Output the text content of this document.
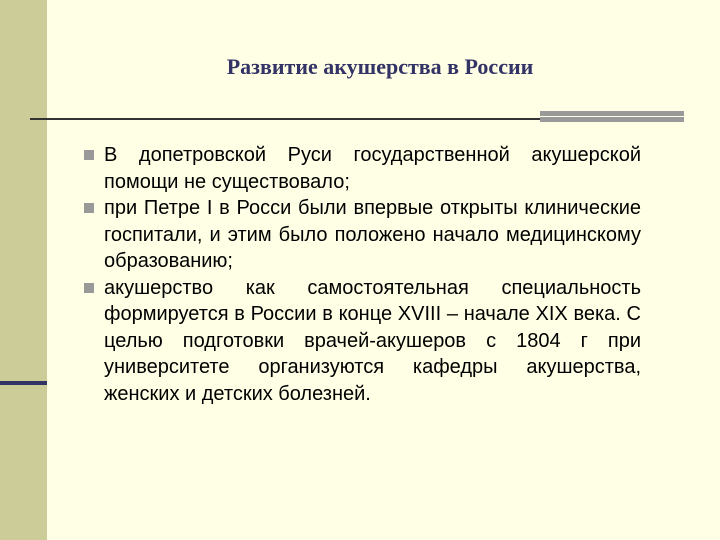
Развитие акушерства в России
В допетровской Руси государственной акушерской помощи не существовало;
при Петре I в Росси были впервые открыты клинические госпитали, и этим было положено начало медицинскому образованию;
акушерство как самостоятельная специальность формируется в России в конце XVIII – начале XIX века. С целью подготовки врачей-акушеров с 1804 г при университете организуются кафедры акушерства, женских и детских болезней.
